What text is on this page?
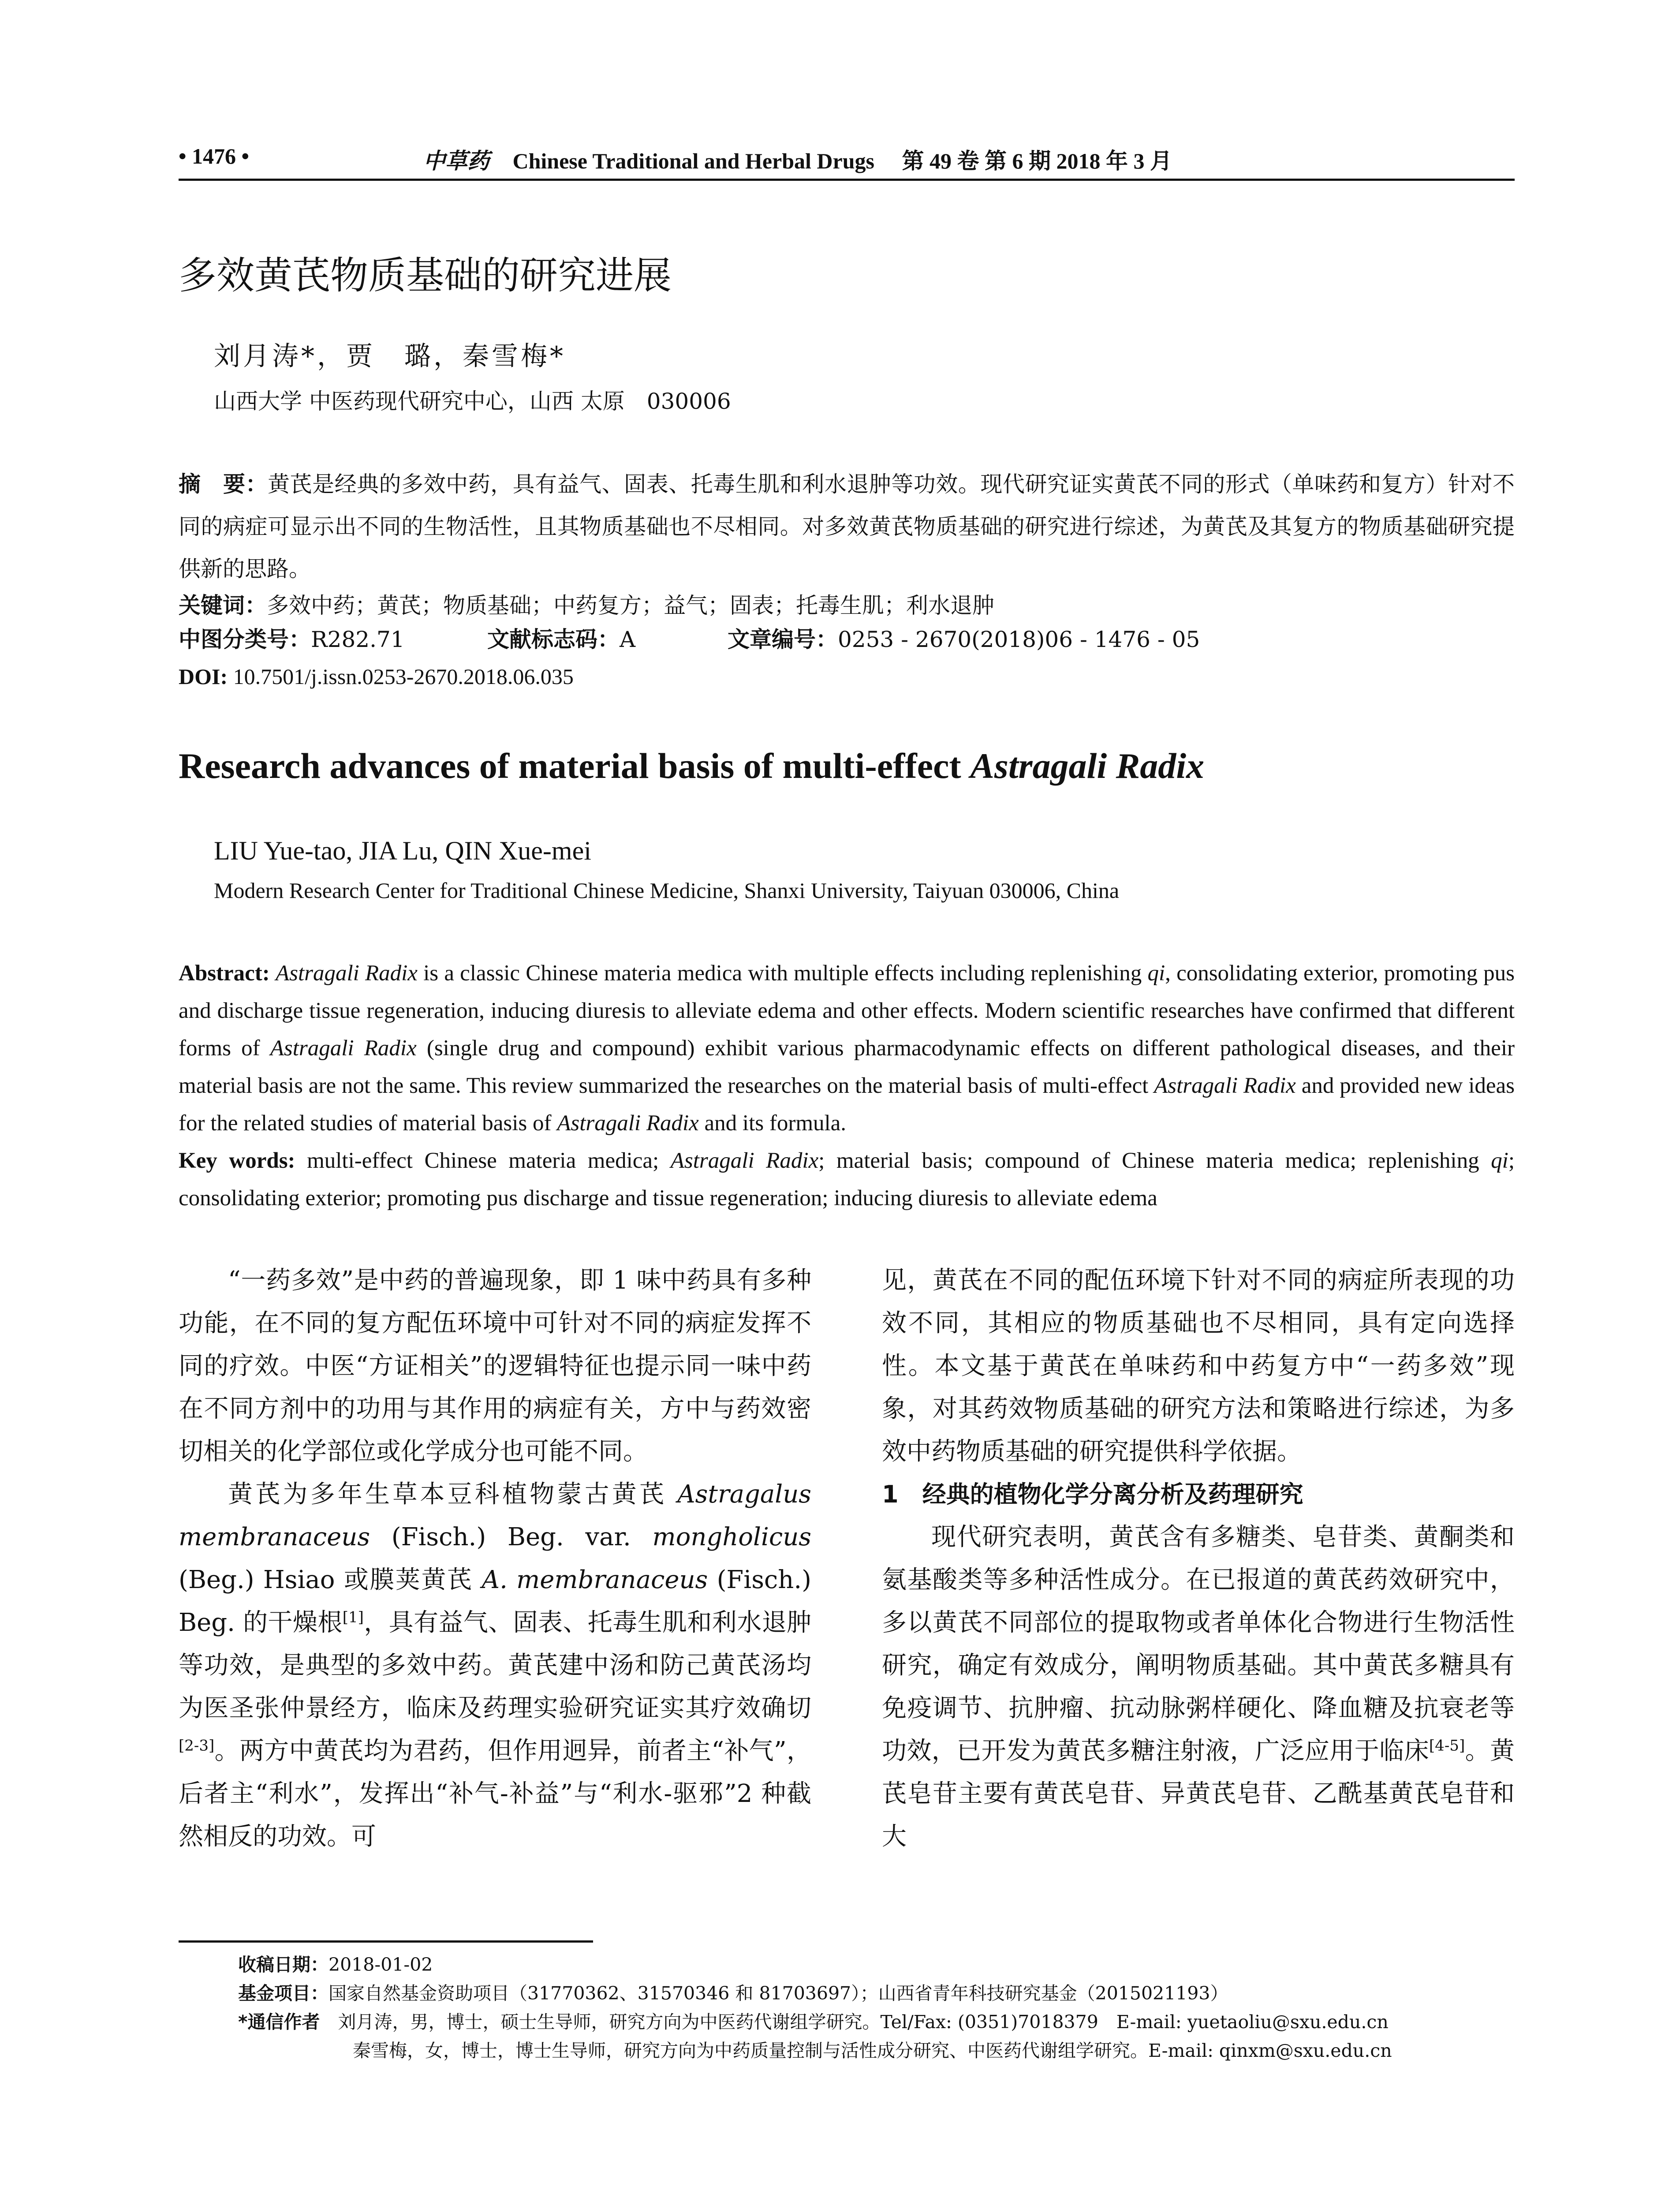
• 1476 •	中草药 Chinese Traditional and Herbal Drugs 第 49 卷 第 6 期 2018 年 3 月
多效黄芪物质基础的研究进展
刘月涛*，贾　璐，秦雪梅*
山西大学 中医药现代研究中心，山西 太原　030006
摘　要：黄芪是经典的多效中药，具有益气、固表、托毒生肌和利水退肿等功效。现代研究证实黄芪不同的形式（单味药和复方）针对不同的病症可显示出不同的生物活性，且其物质基础也不尽相同。对多效黄芪物质基础的研究进行综述，为黄芪及其复方的物质基础研究提供新的思路。
关键词：多效中药；黄芪；物质基础；中药复方；益气；固表；托毒生肌；利水退肿
中图分类号：R282.71	文献标志码：A	文章编号：0253 - 2670(2018)06 - 1476 - 05
DOI: 10.7501/j.issn.0253-2670.2018.06.035
Research advances of material basis of multi-effect Astragali Radix
LIU Yue-tao, JIA Lu, QIN Xue-mei
Modern Research Center for Traditional Chinese Medicine, Shanxi University, Taiyuan 030006, China
Abstract: Astragali Radix is a classic Chinese materia medica with multiple effects including replenishing qi, consolidating exterior, promoting pus and discharge tissue regeneration, inducing diuresis to alleviate edema and other effects. Modern scientific researches have confirmed that different forms of Astragali Radix (single drug and compound) exhibit various pharmacodynamic effects on different pathological diseases, and their material basis are not the same. This review summarized the researches on the material basis of multi-effect Astragali Radix and provided new ideas for the related studies of material basis of Astragali Radix and its formula.
Key words: multi-effect Chinese materia medica; Astragali Radix; material basis; compound of Chinese materia medica; replenishing qi; consolidating exterior; promoting pus discharge and tissue regeneration; inducing diuresis to alleviate edema

“一药多效”是中药的普遍现象，即 1 味中药具有多种功能，在不同的复方配伍环境中可针对不同的病症发挥不同的疗效。中医“方证相关”的逻辑特征也提示同一味中药在不同方剂中的功用与其作用的病症有关，方中与药效密切相关的化学部位或化学成分也可能不同。

黄芪为多年生草本豆科植物蒙古黄芪 Astragalus membranaceus (Fisch.) Beg. var. mongholicus (Beg.) Hsiao 或膜荚黄芪 A. membranaceus (Fisch.) Beg. 的干燥根[1]，具有益气、固表、托毒生肌和利水退肿等功效，是典型的多效中药。黄芪建中汤和防己黄芪汤均为医圣张仲景经方，临床及药理实验研究证实其疗效确切[2-3]。两方中黄芪均为君药，但作用迥异，前者主“补气”，后者主“利水”，发挥出“补气-补益”与“利水-驱邪”2 种截然相反的功效。可

见，黄芪在不同的配伍环境下针对不同的病症所表现的功效不同，其相应的物质基础也不尽相同，具有定向选择性。本文基于黄芪在单味药和中药复方中“一药多效”现象，对其药效物质基础的研究方法和策略进行综述，为多效中药物质基础的研究提供科学依据。

1　经典的植物化学分离分析及药理研究

现代研究表明，黄芪含有多糖类、皂苷类、黄酮类和氨基酸类等多种活性成分。在已报道的黄芪药效研究中，多以黄芪不同部位的提取物或者单体化合物进行生物活性研究，确定有效成分，阐明物质基础。其中黄芪多糖具有免疫调节、抗肿瘤、抗动脉粥样硬化、降血糖及抗衰老等功效，已开发为黄芪多糖注射液，广泛应用于临床[4-5]。黄芪皂苷主要有黄芪皂苷、异黄芪皂苷、乙酰基黄芪皂苷和大

收稿日期：2018-01-02
基金项目：国家自然基金资助项目（31770362、31570346 和 81703697）；山西省青年科技研究基金（2015021193）
*通信作者　刘月涛，男，博士，硕士生导师，研究方向为中医药代谢组学研究。Tel/Fax: (0351)7018379　E-mail: yuetaoliu@sxu.edu.cn
秦雪梅，女，博士，博士生导师，研究方向为中药质量控制与活性成分研究、中医药代谢组学研究。E-mail: qinxm@sxu.edu.cn
